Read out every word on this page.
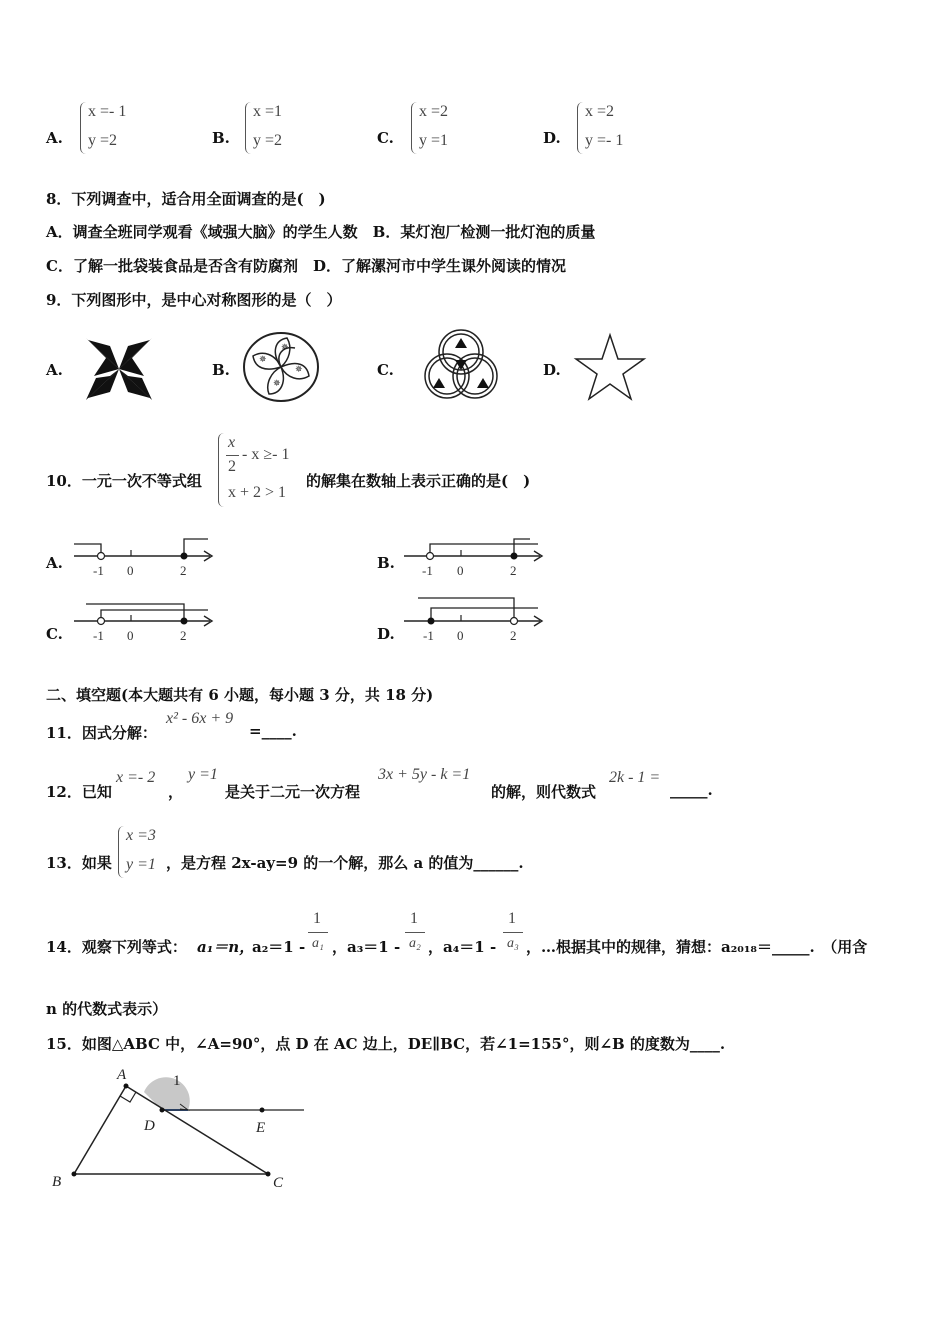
A.
x =- 1
y =2	B.
x =1
y =2	C.
x =2
y =1	D.
x =2
y =- 1
8．下列调查中，适合用全面调查的是(　)
A．调查全班同学观看《域强大脑》的学生人数　B．某灯泡厂检测一批灯泡的质量
C．了解一批袋装食品是否含有防腐剂　D．了解漯河市中学生课外阅读的情况
9．下列图形中，是中心对称图形的是（　）
A.	B.
✵
✵
✵
✵
C.	D.
10．一元一次不等式组
x
2
- x ≥- 1
x + 2 > 1
的解集在数轴上表示正确的是(　)
A. -1 0	2	B. -1 0	2
C. -1 0	2	D. -1 0	2
二、填空题(本大题共有 6 小题，每小题 3 分，共 18 分)
11．因式分解：
x² - 6x + 9
=____.
12．已知
x =- 2
，
y =1
是关于二元一次方程
3x + 5y - k =1
的解，则代数式
2k - 1 =
_____.
13．如果
x =3
y =1 ，是方程 2x-ay=9 的一个解，那么 a 的值为______.
14．观察下列等式： a₁＝n，
a₂＝1 -
1
a₁ ，a₃＝1 -
1
a₂ ，a₄＝1 -
1
a₃ ，…根据其中的规律，猜想：a₂₀₁₈＝_____.　（用含
n 的代数式表示）
15．如图△ABC 中，∠A=90°，点 D 在 AC 边上，DE∥BC，若∠1=155°，则∠B 的度数为____.
A
B	C
D	E
1
